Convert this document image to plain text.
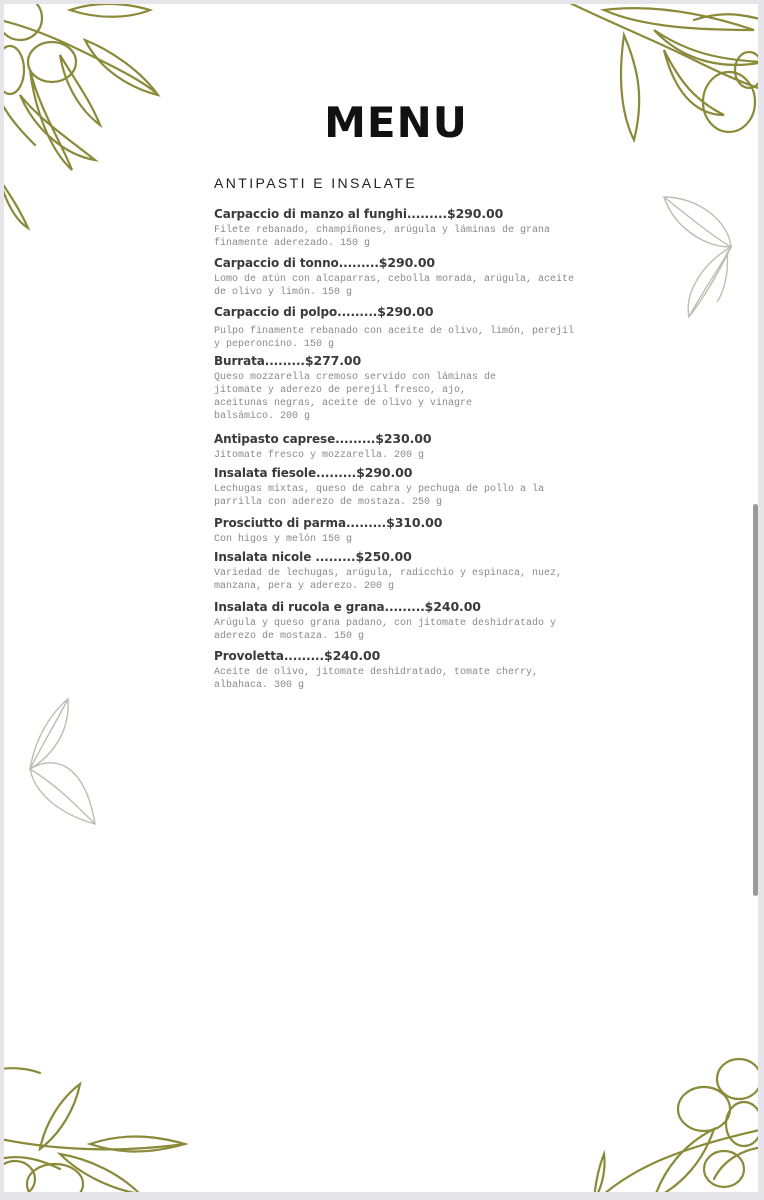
MENU
ANTIPASTI E INSALATE
Carpaccio di manzo al funghi.........$290.00
Filete rebanado, champiñones, arúgula y láminas de grana
finamente aderezado. 150 g
Carpaccio di tonno.........$290.00
Lomo de atún con alcaparras, cebolla morada, arúgula, aceite
de olivo y limón. 150 g
Carpaccio di polpo.........$290.00
Pulpo finamente rebanado con aceite de olivo, limón, perejil
y peperoncino. 150 g
Burrata.........$277.00
Queso mozzarella cremoso servido con láminas de
jitomate y aderezo de perejil fresco, ajo,
aceitunas negras, aceite de olivo y vinagre
balsámico. 200 g
Antipasto caprese.........$230.00
Jitomate fresco y mozzarella. 200 g
Insalata fiesole.........$290.00
Lechugas mixtas, queso de cabra y pechuga de pollo a la
parrilla con aderezo de mostaza. 250 g
Prosciutto di parma.........$310.00
Con higos y melón 150 g
Insalata nicole .........$250.00
Variedad de lechugas, arúgula, radicchio y espinaca, nuez,
manzana, pera y aderezo. 200 g
Insalata di rucola e grana.........$240.00
Arúgula y queso grana padano, con jitomate deshidratado y
aderezo de mostaza. 150 g
Provoletta.........$240.00
Aceite de olivo, jitomate deshidratado, tomate cherry,
albahaca. 300 g
